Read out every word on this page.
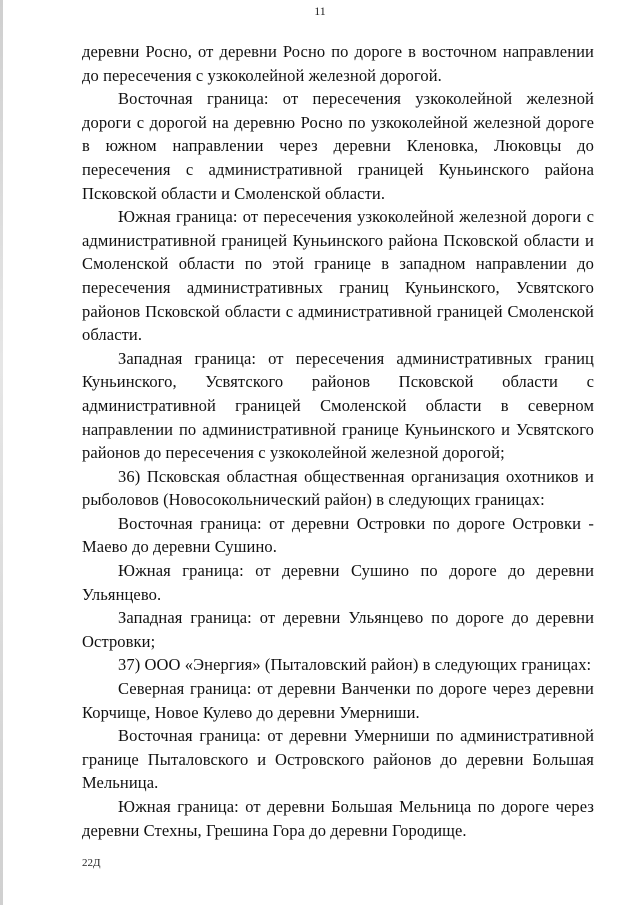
11

деревни Росно, от деревни Росно по дороге в восточном направлении до пересечения с узкоколейной железной дорогой.

Восточная граница: от пересечения узкоколейной железной дороги с дорогой на деревню Росно по узкоколейной железной дороге в южном направлении через деревни Кленовка, Люковцы до пересечения с административной границей Куньинского района Псковской области и Смоленской области.

Южная граница: от пересечения узкоколейной железной дороги с административной границей Куньинского района Псковской области и Смоленской области по этой границе в западном направлении до пересечения административных границ Куньинского, Усвятского районов Псковской области с административной границей Смоленской области.

Западная граница: от пересечения административных границ Куньинского, Усвятского районов Псковской области с административной границей Смоленской области в северном направлении по административной границе Куньинского и Усвятского районов до пересечения с узкоколейной железной дорогой;

36) Псковская областная общественная организация охотников и рыболовов (Новосокольнический район) в следующих границах:

Восточная граница: от деревни Островки по дороге Островки - Маево до деревни Сушино.

Южная граница: от деревни Сушино по дороге до деревни Ульянцево.

Западная граница: от деревни Ульянцево по дороге до деревни Островки;

37) ООО «Энергия» (Пыталовский район) в следующих границах:

Северная граница: от деревни Ванченки по дороге через деревни Корчище, Новое Кулево до деревни Умерниши.

Восточная граница: от деревни Умерниши по административной границе Пыталовского и Островского районов до деревни Большая Мельница.

Южная граница: от деревни Большая Мельница по дороге через деревни Стехны, Грешина Гора до деревни Городище.

22Д
